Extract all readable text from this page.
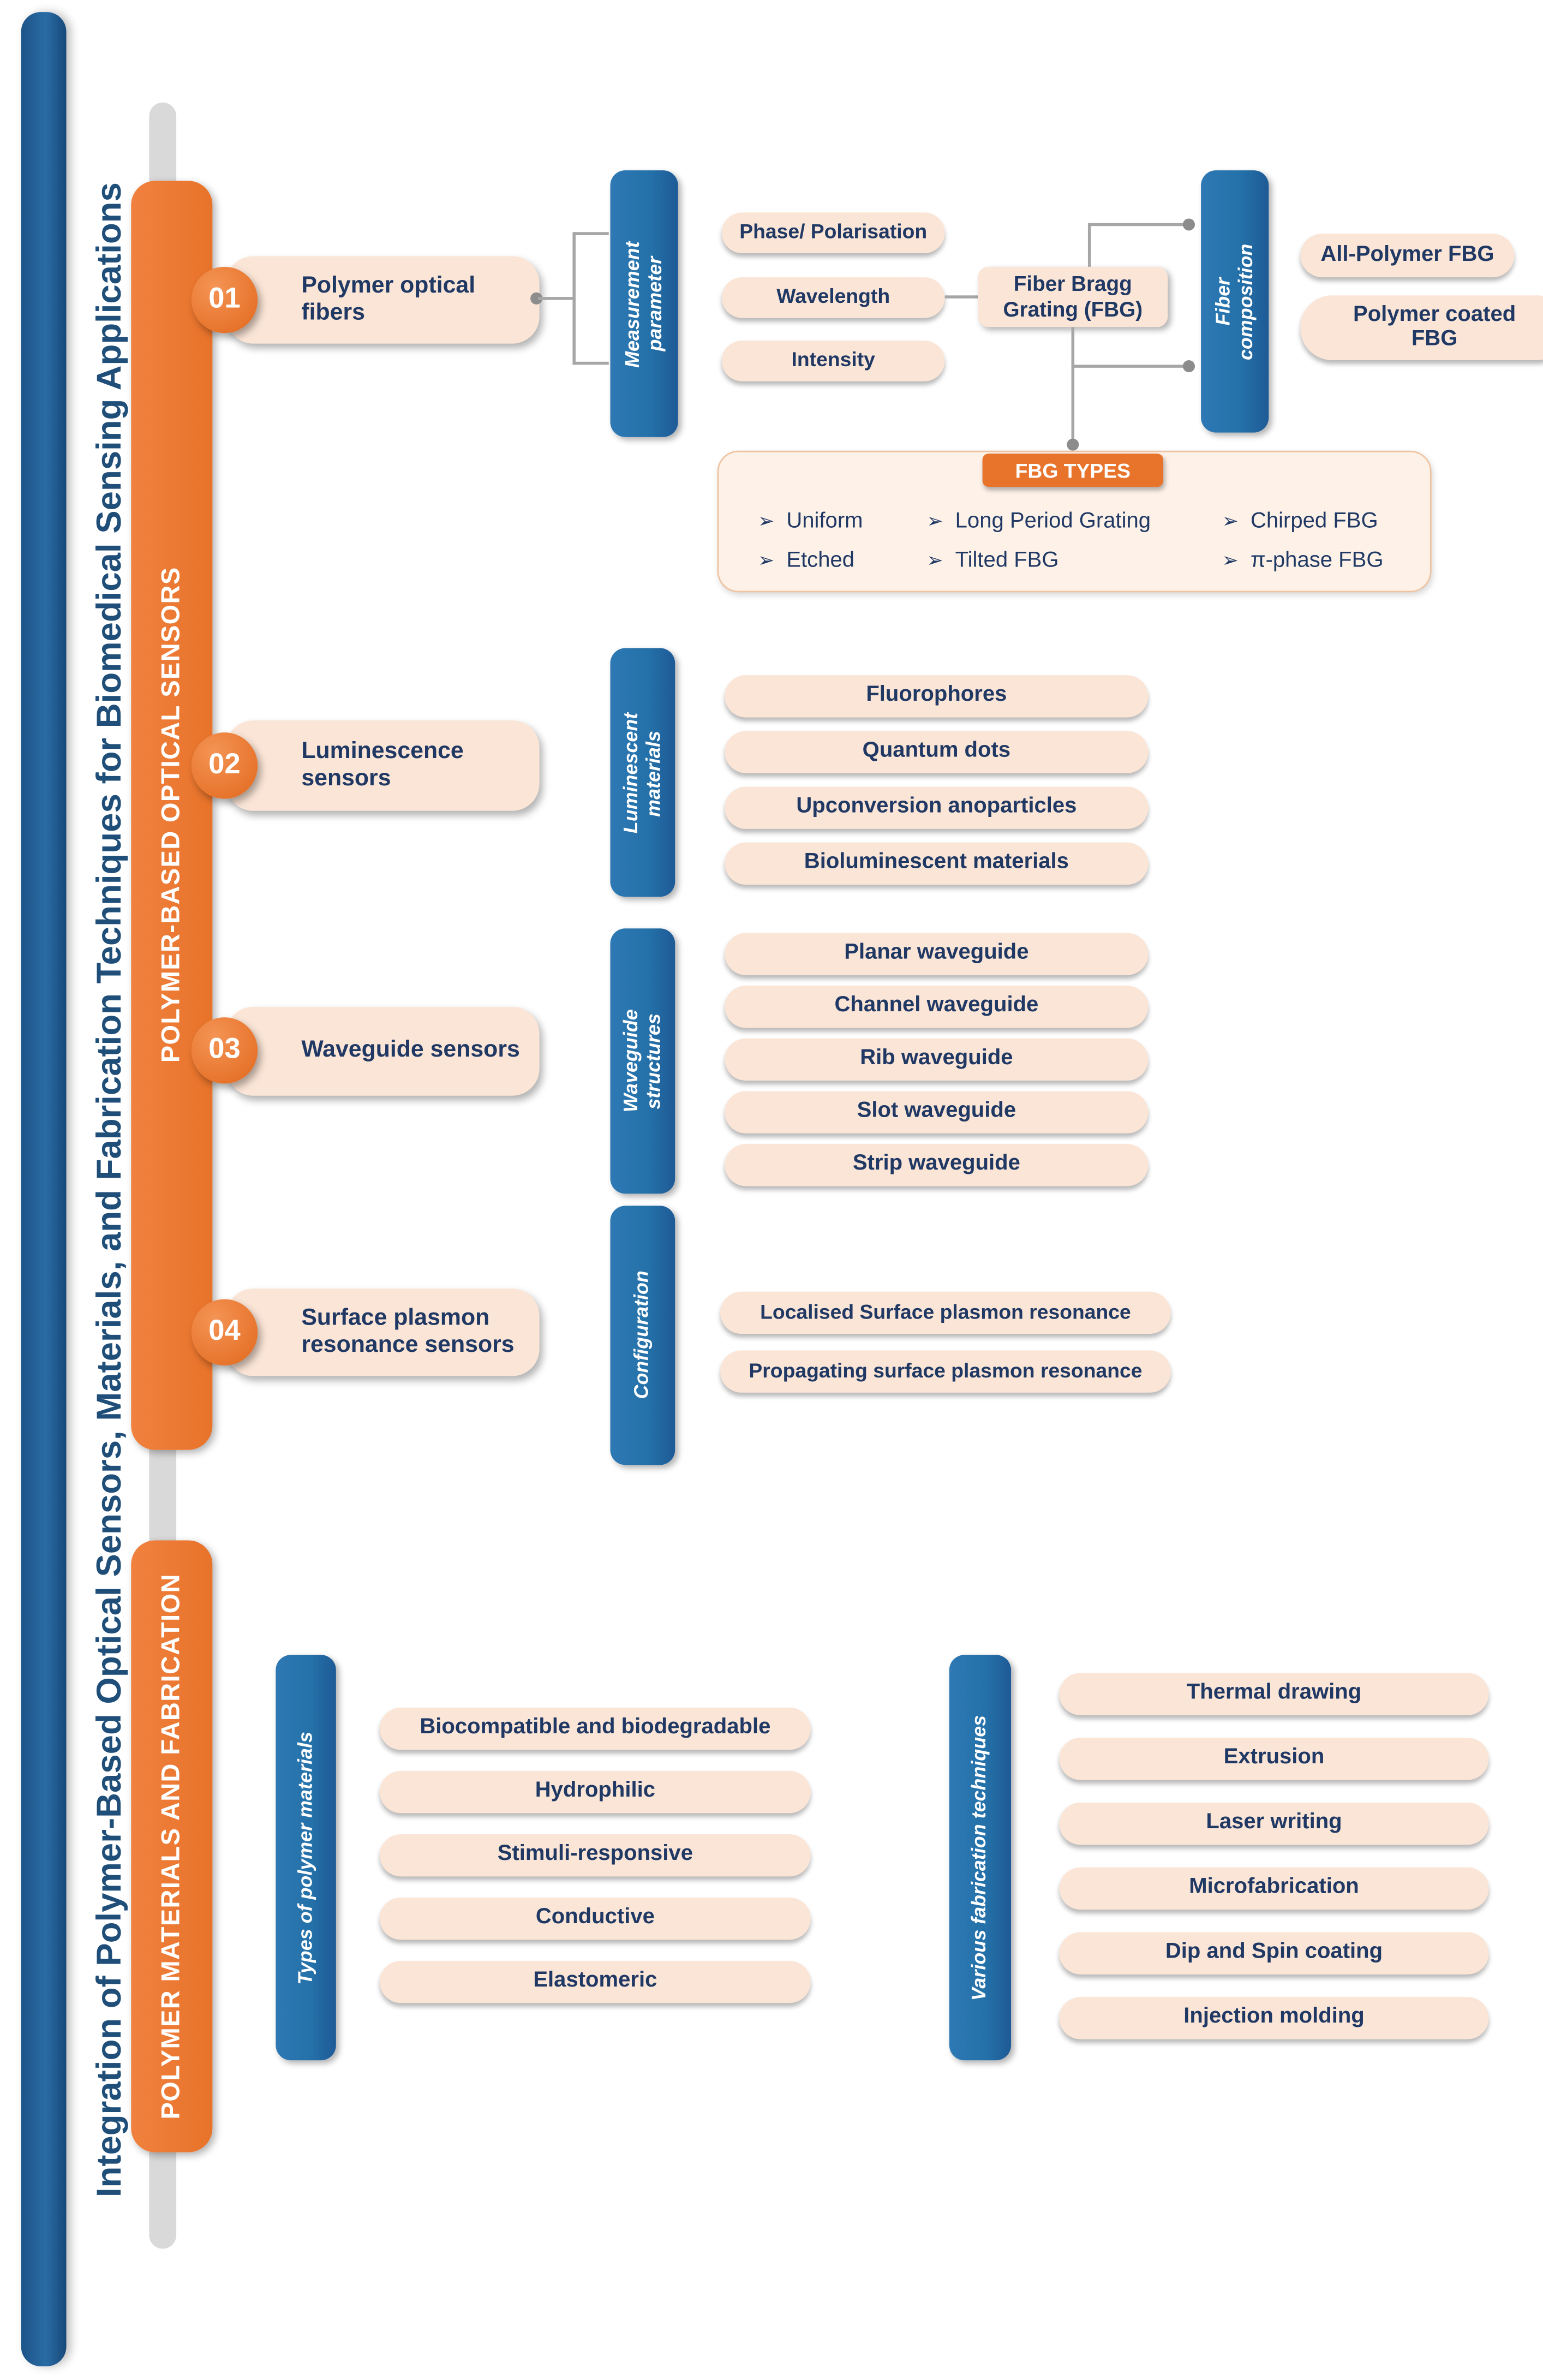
Integration of Polymer-Based Optical Sensors, Materials, and Fabrication Techniques for Biomedical Sensing Applications	POLYMER-BASED OPTICAL SENSORS
POLYMER MATERIALS AND FABRICATION
Polymer optical fibers
01	Measurement parameter
Phase/ Polarisation
Wavelength
Intensity
Fiber Bragg Grating (FBG)	Fiber composition	All-Polymer FBG
Polymer coated FBG
FBG TYPES
➢ Uniform
➢ Etched
➢ Long Period Grating
➢ Tilted FBG
➢ Chirped FBG
➢ π-phase FBG
Luminescence sensors
02	Luminescent materials
Fluorophores
Quantum dots
Upconversion anoparticles
Bioluminescent materials
Waveguide sensors
03	Waveguide structures
Planar waveguide
Channel waveguide
Rib waveguide
Slot waveguide
Strip waveguide
Surface plasmon resonance sensors
04	Configuration	Localised Surface plasmon resonance
Propagating surface plasmon resonance
Types of polymer materials
Biocompatible and biodegradable
Hydrophilic
Stimuli-responsive
Conductive
Elastomeric	Various fabrication techniques
Thermal drawing
Extrusion
Laser writing
Microfabrication
Dip and Spin coating
Injection molding
